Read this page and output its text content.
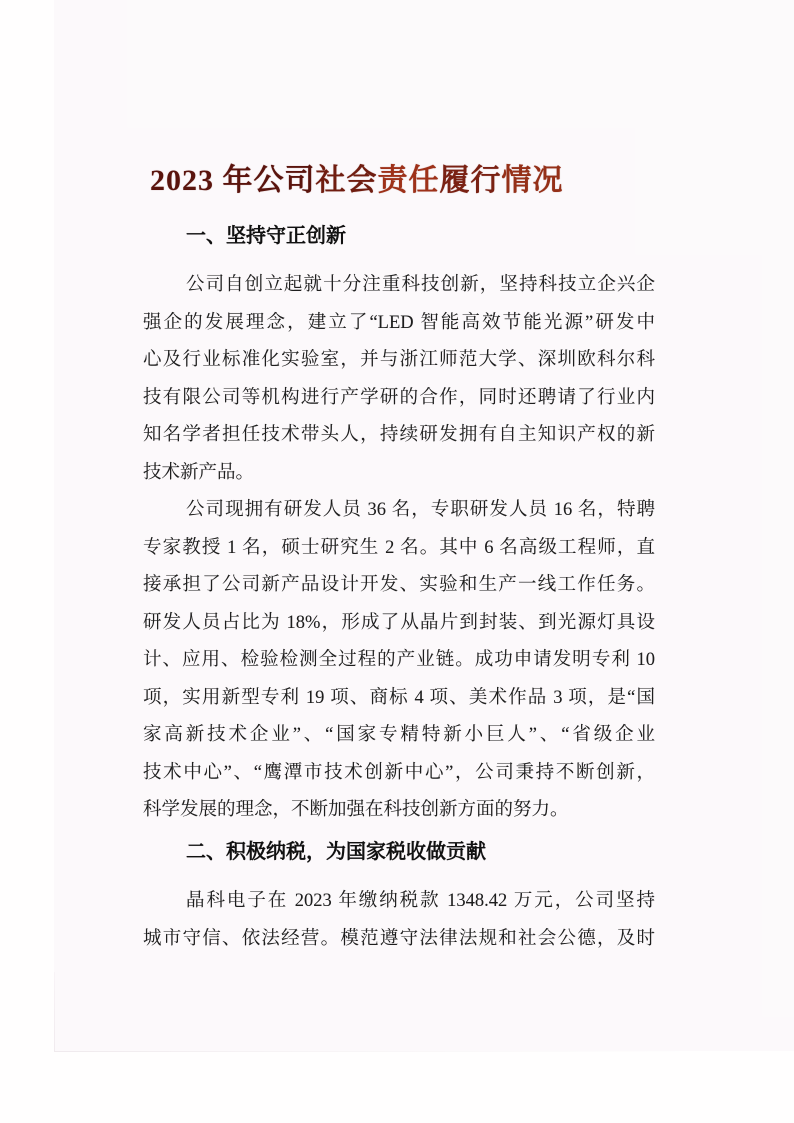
2023 年公司社会责任履行情况
一、坚持守正创新
公司自创立起就十分注重科技创新，坚持科技立企兴企
强企的发展理念，建立了“LED 智能高效节能光源”研发中
心及行业标准化实验室，并与浙江师范大学、深圳欧科尔科
技有限公司等机构进行产学研的合作，同时还聘请了行业内
知名学者担任技术带头人，持续研发拥有自主知识产权的新
技术新产品。
公司现拥有研发人员 36 名，专职研发人员 16 名，特聘
专家教授 1 名，硕士研究生 2 名。其中 6 名高级工程师，直
接承担了公司新产品设计开发、实验和生产一线工作任务。
研发人员占比为 18%，形成了从晶片到封装、到光源灯具设
计、应用、检验检测全过程的产业链。成功申请发明专利 10
项，实用新型专利 19 项、商标 4 项、美术作品 3 项，是“国
家高新技术企业”、“国家专精特新小巨人”、“省级企业
技术中心”、“鹰潭市技术创新中心”，公司秉持不断创新，
科学发展的理念，不断加强在科技创新方面的努力。
二、积极纳税，为国家税收做贡献
晶科电子在 2023 年缴纳税款 1348.42 万元，公司坚持
城市守信、依法经营。模范遵守法律法规和社会公德，及时
